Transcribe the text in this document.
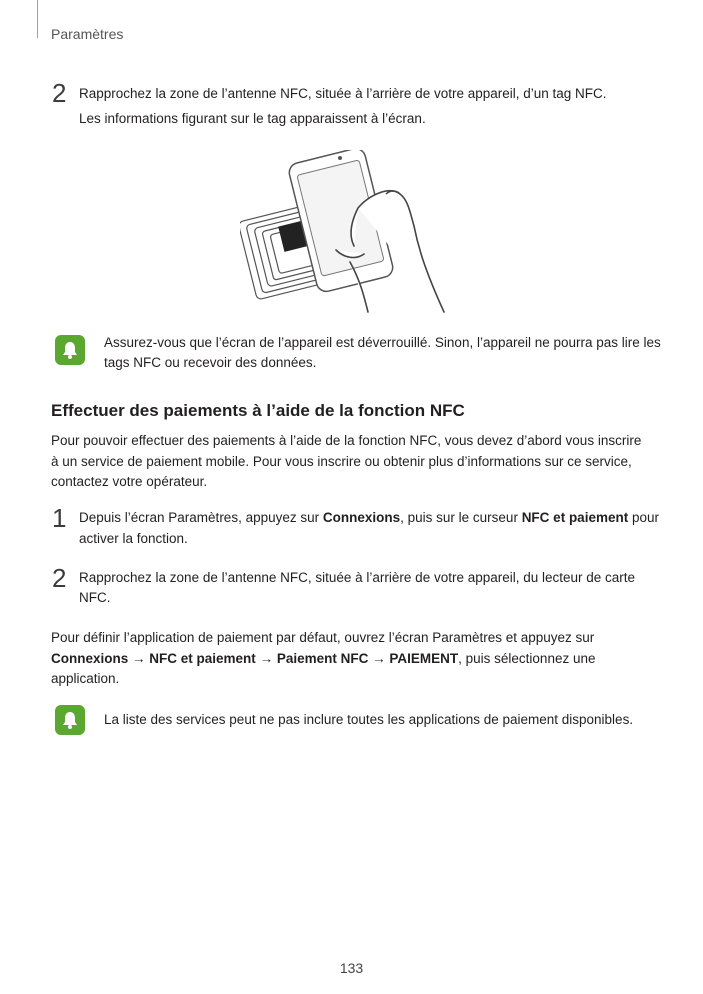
Paramètres
2 Rapprochez la zone de l’antenne NFC, située à l’arrière de votre appareil, d’un tag NFC.
Les informations figurant sur le tag apparaissent à l’écran.
Assurez-vous que l’écran de l’appareil est déverrouillé. Sinon, l’appareil ne pourra pas lire les
tags NFC ou recevoir des données.
Effectuer des paiements à l’aide de la fonction NFC
Pour pouvoir effectuer des paiements à l’aide de la fonction NFC, vous devez d’abord vous inscrire
à un service de paiement mobile. Pour vous inscrire ou obtenir plus d’informations sur ce service,
contactez votre opérateur.
1 Depuis l’écran Paramètres, appuyez sur Connexions, puis sur le curseur NFC et paiement pour
activer la fonction.
2 Rapprochez la zone de l’antenne NFC, située à l’arrière de votre appareil, du lecteur de carte
NFC.
Pour définir l’application de paiement par défaut, ouvrez l’écran Paramètres et appuyez sur
Connexions → NFC et paiement → Paiement NFC → PAIEMENT, puis sélectionnez une
application.
La liste des services peut ne pas inclure toutes les applications de paiement disponibles.
133
